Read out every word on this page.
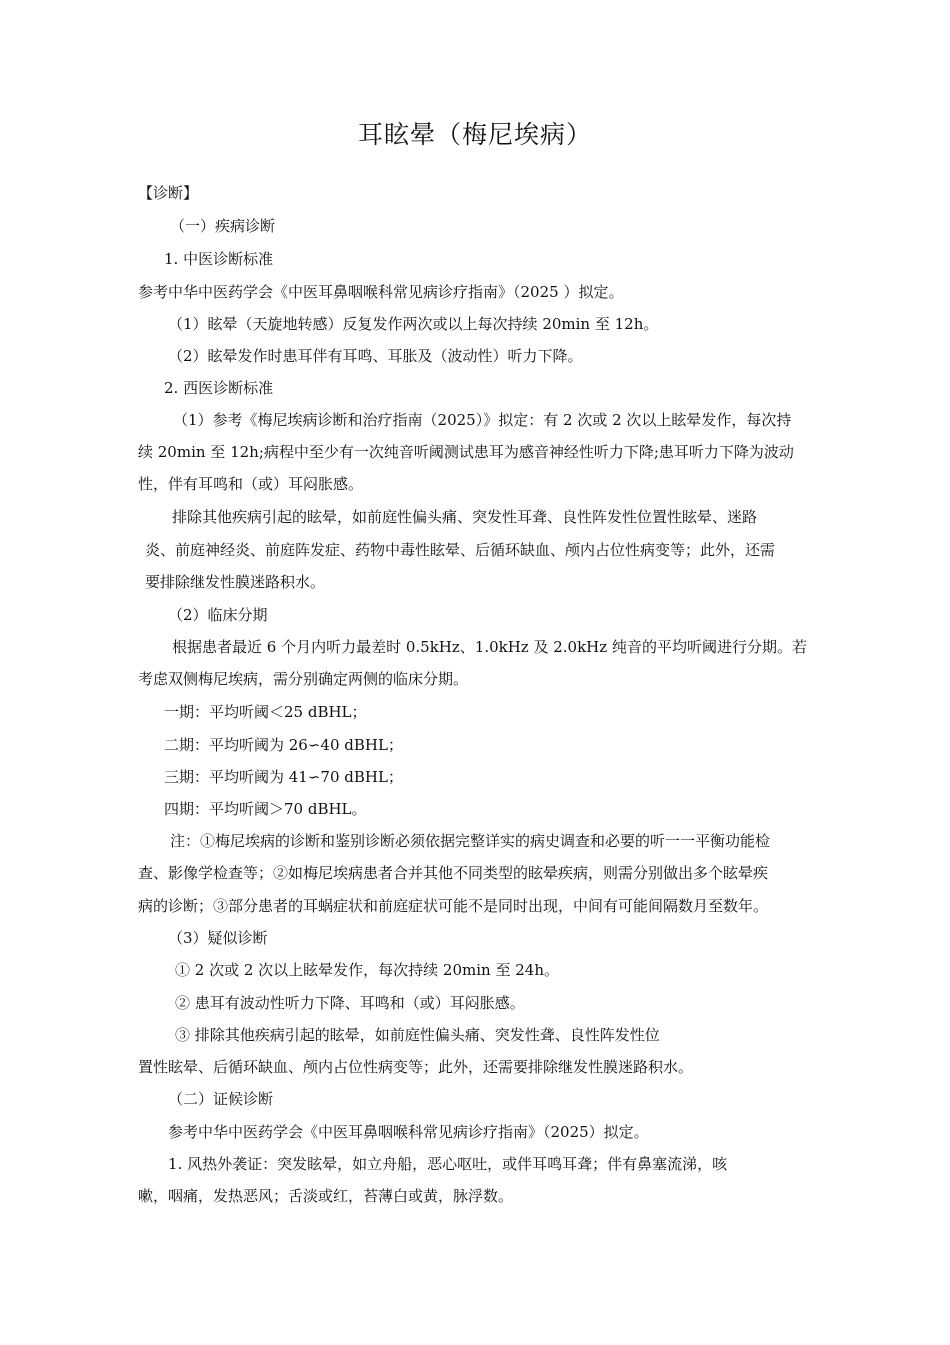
耳眩晕（梅尼埃病）
【诊断】
（一）疾病诊断
1. 中医诊断标准
参考中华中医药学会《中医耳鼻咽喉科常见病诊疗指南》（2025 ）拟定。
（1）眩晕（天旋地转感）反复发作两次或以上每次持续 20min 至 12h。
（2）眩晕发作时患耳伴有耳鸣、耳胀及（波动性）听力下降。
2. 西医诊断标准
（1）参考《梅尼埃病诊断和治疗指南（2025）》拟定：有 2 次或 2 次以上眩晕发作，每次持
续 20min 至 12h;病程中至少有一次纯音听阈测试患耳为感音神经性听力下降;患耳听力下降为波动
性，伴有耳鸣和（或）耳闷胀感。
排除其他疾病引起的眩晕，如前庭性偏头痛、突发性耳聋、良性阵发性位置性眩晕、迷路
炎、前庭神经炎、前庭阵发症、药物中毒性眩晕、后循环缺血、颅内占位性病变等；此外，还需
要排除继发性膜迷路积水。
（2）临床分期
根据患者最近 6 个月内听力最差时 0.5kHz、1.0kHz 及 2.0kHz 纯音的平均听阈进行分期。若
考虑双侧梅尼埃病，需分别确定两侧的临床分期。
一期：平均听阈＜25 dBHL；
二期：平均听阈为 26∽40 dBHL；
三期：平均听阈为 41∽70 dBHL；
四期：平均听阈＞70 dBHL。
注：①梅尼埃病的诊断和鉴别诊断必须依据完整详实的病史调查和必要的听一一平衡功能检
查、影像学检查等；②如梅尼埃病患者合并其他不同类型的眩晕疾病，则需分别做出多个眩晕疾
病的诊断；③部分患者的耳蜗症状和前庭症状可能不是同时出现，中间有可能间隔数月至数年。
（3）疑似诊断
① 2 次或 2 次以上眩晕发作，每次持续 20min 至 24h。
② 患耳有波动性听力下降、耳鸣和（或）耳闷胀感。
③ 排除其他疾病引起的眩晕，如前庭性偏头痛、突发性聋、良性阵发性位
置性眩晕、后循环缺血、颅内占位性病变等；此外，还需要排除继发性膜迷路积水。
（二）证候诊断
参考中华中医药学会《中医耳鼻咽喉科常见病诊疗指南》（2025）拟定。
1. 风热外袭证：突发眩晕，如立舟船，恶心呕吐，或伴耳鸣耳聋；伴有鼻塞流涕，咳
嗽，咽痛，发热恶风；舌淡或红，苔薄白或黄，脉浮数。
